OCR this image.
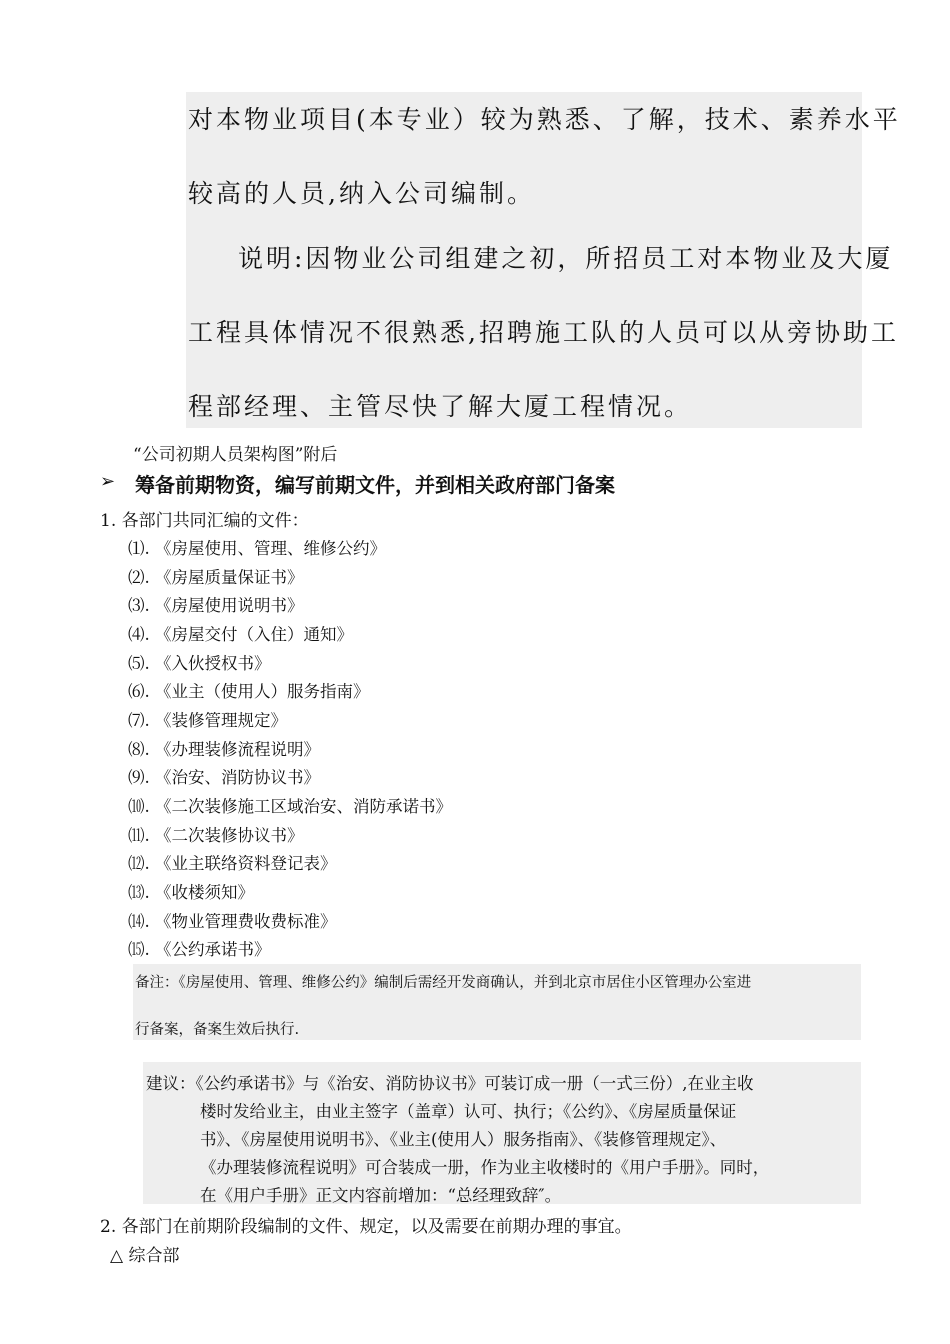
对本物业项目(本专业）较为熟悉、了解，技术、素养水平
较高的人员,纳入公司编制。
说明:因物业公司组建之初，所招员工对本物业及大厦
工程具体情况不很熟悉,招聘施工队的人员可以从旁协助工
程部经理、主管尽快了解大厦工程情况。
“公司初期人员架构图”附后
➢ 筹备前期物资，编写前期文件，并到相关政府部门备案
1. 各部门共同汇编的文件：
⑴. 《房屋使用、管理、维修公约》
⑵. 《房屋质量保证书》
⑶. 《房屋使用说明书》
⑷. 《房屋交付（入住）通知》
⑸. 《入伙授权书》
⑹. 《业主（使用人）服务指南》
⑺. 《装修管理规定》
⑻. 《办理装修流程说明》
⑼. 《治安、消防协议书》
⑽. 《二次装修施工区域治安、消防承诺书》
⑾. 《二次装修协议书》
⑿. 《业主联络资料登记表》
⒀. 《收楼须知》
⒁. 《物业管理费收费标准》
⒂. 《公约承诺书》
备注：《房屋使用、管理、维修公约》编制后需经开发商确认，并到北京市居住小区管理办公室进
行备案，备案生效后执行.
建议：《公约承诺书》与《治安、消防协议书》可装订成一册（一式三份）,在业主收
楼时发给业主，由业主签字（盖章）认可、执行；《公约》、《房屋质量保证
书》、《房屋使用说明书》、《业主(使用人）服务指南》、《装修管理规定》、
《办理装修流程说明》可合装成一册，作为业主收楼时的《用户手册》。同时，
在《用户手册》正文内容前增加：“总经理致辞″。
2. 各部门在前期阶段编制的文件、规定，以及需要在前期办理的事宜。
△ 综合部
